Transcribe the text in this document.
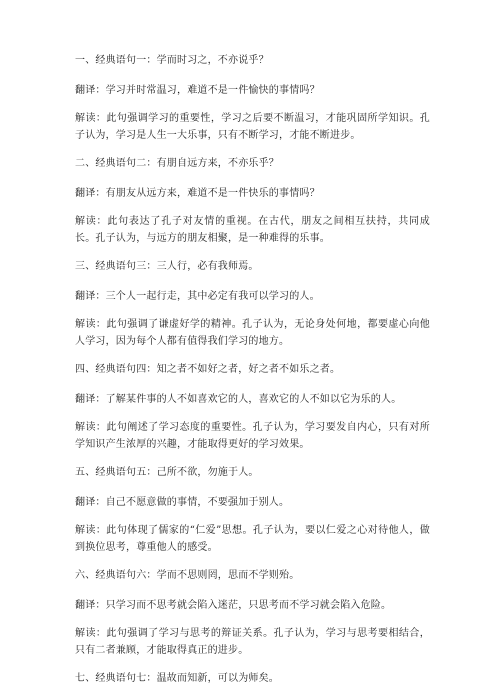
一、经典语句一：学而时习之，不亦说乎？

翻译：学习并时常温习，难道不是一件愉快的事情吗？

解读：此句强调学习的重要性，学习之后要不断温习，才能巩固所学知识。孔子认为，学习是人生一大乐事，只有不断学习，才能不断进步。

二、经典语句二：有朋自远方来，不亦乐乎？

翻译：有朋友从远方来，难道不是一件快乐的事情吗？

解读：此句表达了孔子对友情的重视。在古代，朋友之间相互扶持，共同成长。孔子认为，与远方的朋友相聚，是一种难得的乐事。

三、经典语句三：三人行，必有我师焉。

翻译：三个人一起行走，其中必定有我可以学习的人。

解读：此句强调了谦虚好学的精神。孔子认为，无论身处何地，都要虚心向他人学习，因为每个人都有值得我们学习的地方。

四、经典语句四：知之者不如好之者，好之者不如乐之者。

翻译：了解某件事的人不如喜欢它的人，喜欢它的人不如以它为乐的人。

解读：此句阐述了学习态度的重要性。孔子认为，学习要发自内心，只有对所学知识产生浓厚的兴趣，才能取得更好的学习效果。

五、经典语句五：己所不欲，勿施于人。

翻译：自己不愿意做的事情，不要强加于别人。

解读：此句体现了儒家的“仁爱”思想。孔子认为，要以仁爱之心对待他人，做到换位思考，尊重他人的感受。

六、经典语句六：学而不思则罔，思而不学则殆。

翻译：只学习而不思考就会陷入迷茫，只思考而不学习就会陷入危险。

解读：此句强调了学习与思考的辩证关系。孔子认为，学习与思考要相结合，只有二者兼顾，才能取得真正的进步。

七、经典语句七：温故而知新，可以为师矣。
